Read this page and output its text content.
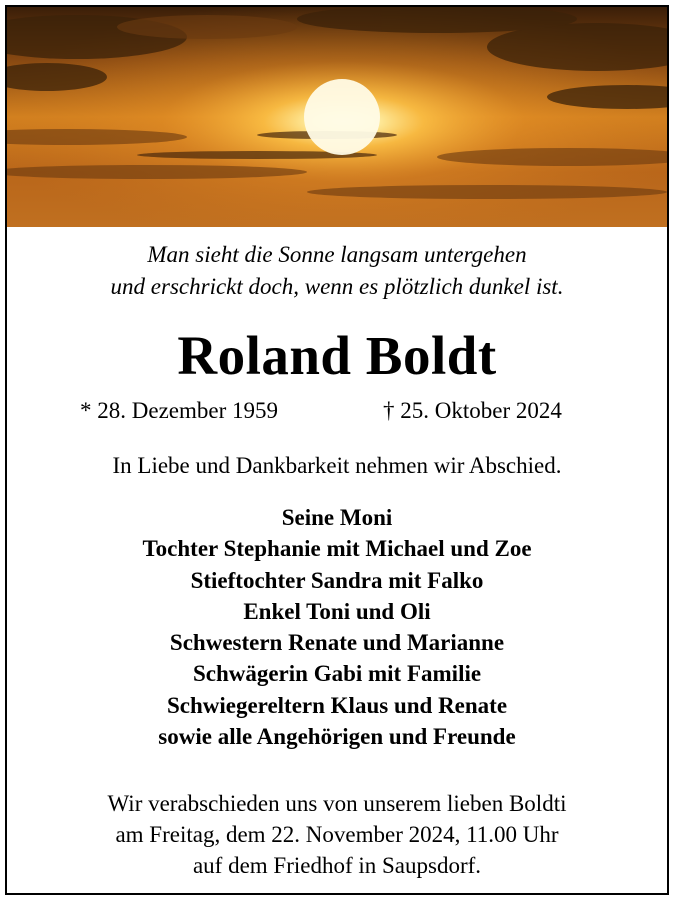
Man sieht die Sonne langsam untergehen
und erschrickt doch, wenn es plötzlich dunkel ist.
Roland Boldt
* 28. Dezember 1959	† 25. Oktober 2024
In Liebe und Dankbarkeit nehmen wir Abschied.
Seine Moni
Tochter Stephanie mit Michael und Zoe
Stieftochter Sandra mit Falko
Enkel Toni und Oli
Schwestern Renate und Marianne
Schwägerin Gabi mit Familie
Schwiegereltern Klaus und Renate
sowie alle Angehörigen und Freunde
Wir verabschieden uns von unserem lieben Boldti
am Freitag, dem 22. November 2024, 11.00 Uhr
auf dem Friedhof in Saupsdorf.
